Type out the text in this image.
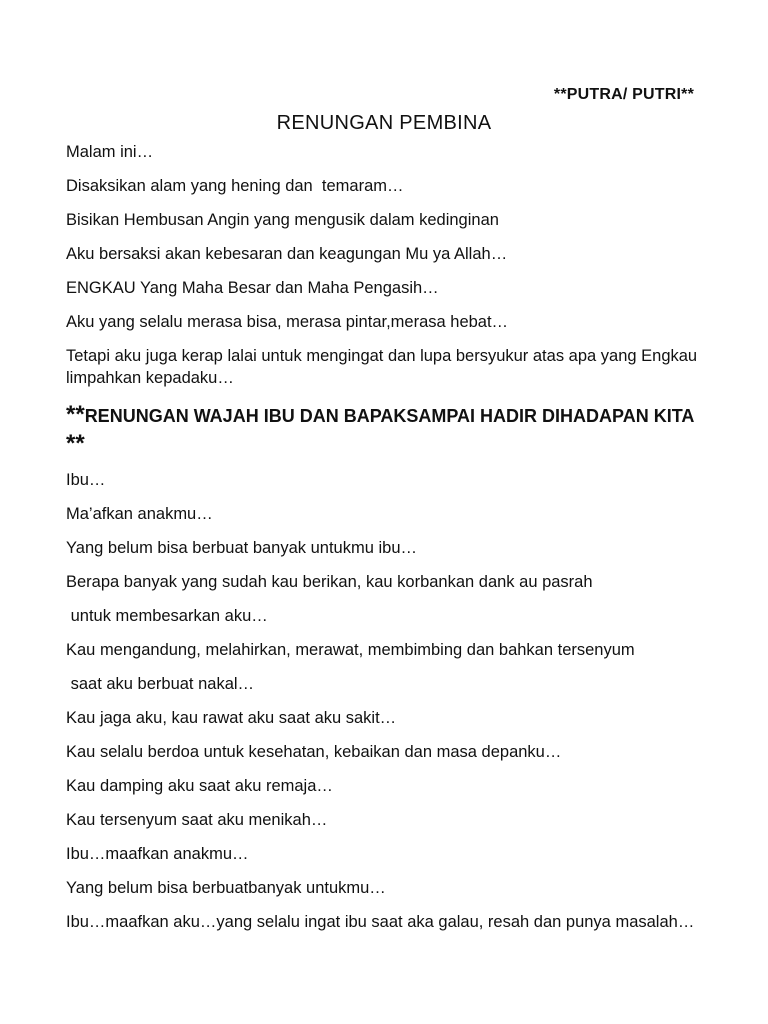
**PUTRA/ PUTRI**
RENUNGAN PEMBINA

Malam ini…

Disaksikan alam yang hening dan  temaram…

Bisikan Hembusan Angin yang mengusik dalam kedinginan

Aku bersaksi akan kebesaran dan keagungan Mu ya Allah…

ENGKAU Yang Maha Besar dan Maha Pengasih…

Aku yang selalu merasa bisa, merasa pintar,merasa hebat…

Tetapi aku juga kerap lalai untuk mengingat dan lupa bersyukur atas apa yang Engkau limpahkan kepadaku…

**RENUNGAN WAJAH IBU DAN BAPAKSAMPAI HADIR DIHADAPAN KITA **

Ibu…

Ma’afkan anakmu…

Yang belum bisa berbuat banyak untukmu ibu…

Berapa banyak yang sudah kau berikan, kau korbankan dank au pasrah

untuk membesarkan aku…

Kau mengandung, melahirkan, merawat, membimbing dan bahkan tersenyum

saat aku berbuat nakal…

Kau jaga aku, kau rawat aku saat aku sakit…

Kau selalu berdoa untuk kesehatan, kebaikan dan masa depanku…

Kau damping aku saat aku remaja…

Kau tersenyum saat aku menikah…

Ibu…maafkan anakmu…

Yang belum bisa berbuatbanyak untukmu…

Ibu…maafkan aku…yang selalu ingat ibu saat aka galau, resah dan punya masalah…
